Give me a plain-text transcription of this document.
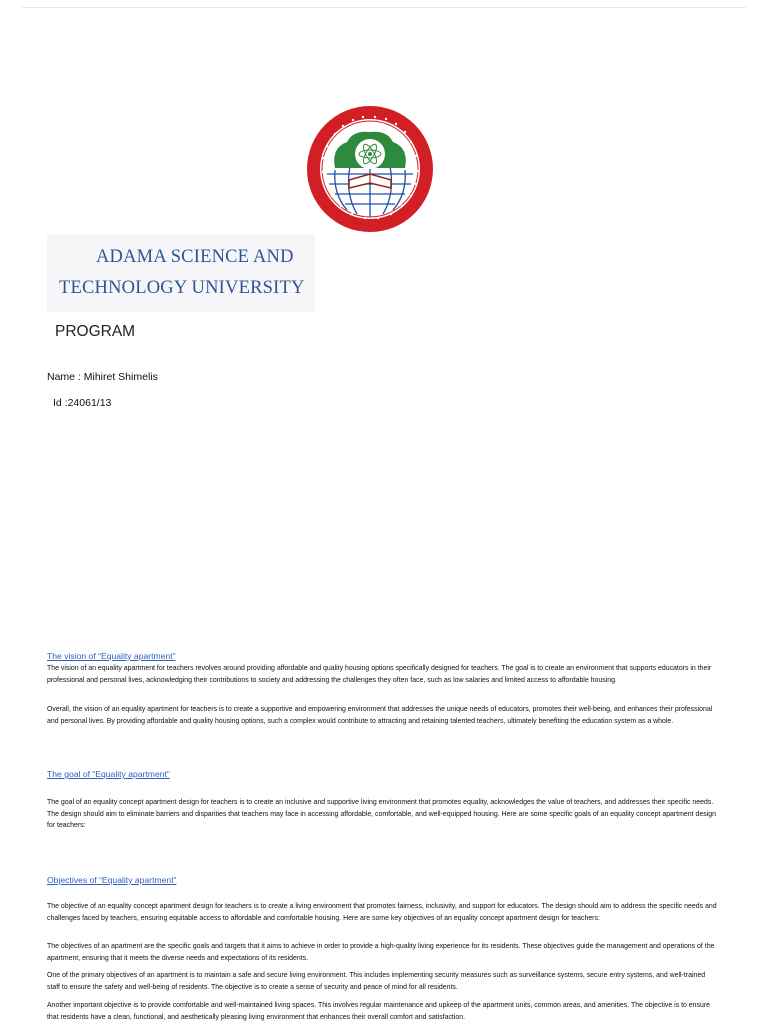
ADAMA SCIENCE AND
TECHNOLOGY UNIVERSITY
PROGRAM
Name : Mihiret Shimelis
Id :24061/13
The vision of “Equality apartment”
The vision of an equality apartment for teachers revolves around providing affordable and quality housing options specifically designed for teachers. The goal is to create an environment that supports educators in their professional and personal lives, acknowledging their contributions to society and addressing the challenges they often face, such as low salaries and limited access to affordable housing.
Overall, the vision of an equality apartment for teachers is to create a supportive and empowering environment that addresses the unique needs of educators, promotes their well-being, and enhances their professional and personal lives. By providing affordable and quality housing options, such a complex would contribute to attracting and retaining talented teachers, ultimately benefiting the education system as a whole.
The goal of “Equality apartment”
The goal of an equality concept apartment design for teachers is to create an inclusive and supportive living environment that promotes equality, acknowledges the value of teachers, and addresses their specific needs. The design should aim to eliminate barriers and disparities that teachers may face in accessing affordable, comfortable, and well-equipped housing. Here are some specific goals of an equality concept apartment design for teachers:
Objectives of “Equality apartment”
The objective of an equality concept apartment design for teachers is to create a living environment that promotes fairness, inclusivity, and support for educators. The design should aim to address the specific needs and challenges faced by teachers, ensuring equitable access to affordable and comfortable housing. Here are some key objectives of an equality concept apartment design for teachers:
The objectives of an apartment are the specific goals and targets that it aims to achieve in order to provide a high-quality living experience for its residents. These objectives guide the management and operations of the apartment, ensuring that it meets the diverse needs and expectations of its residents.
One of the primary objectives of an apartment is to maintain a safe and secure living environment. This includes implementing security measures such as surveillance systems, secure entry systems, and well-trained staff to ensure the safety and well-being of residents. The objective is to create a sense of security and peace of mind for all residents.
Another important objective is to provide comfortable and well-maintained living spaces. This involves regular maintenance and upkeep of the apartment units, common areas, and amenities. The objective is to ensure that residents have a clean, functional, and aesthetically pleasing living environment that enhances their overall comfort and satisfaction.
